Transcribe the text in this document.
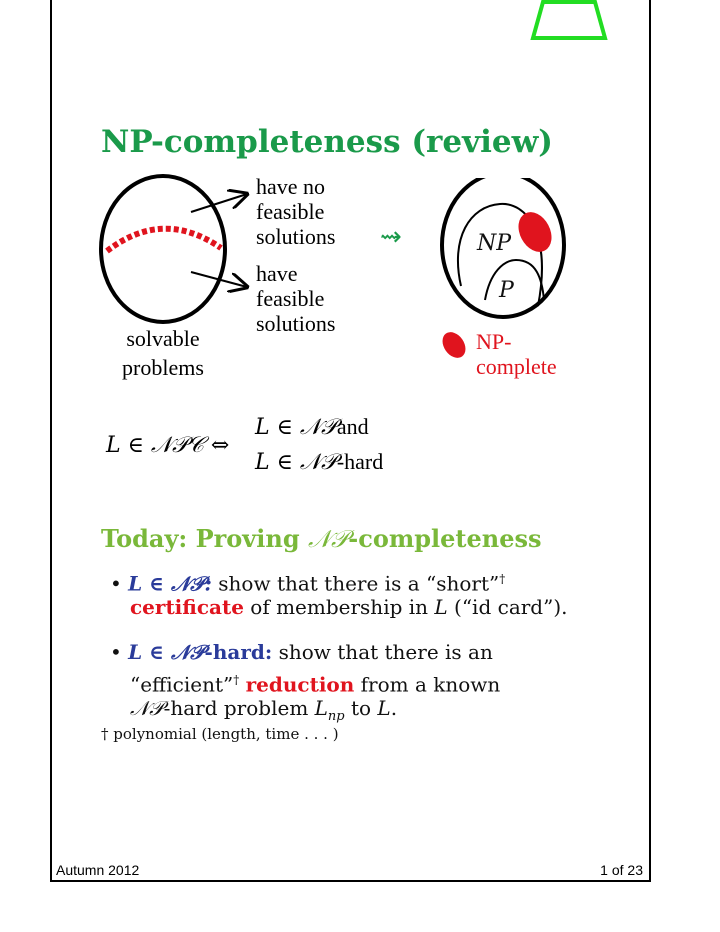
NP-completeness (review)
have no
feasible
solutions
have
feasible
solutions
solvable
problems
⇝	NP
P
NP-
complete
L ∈ 𝒩𝒫𝒞 ⇔
L ∈ 𝒩𝒫and
L ∈ 𝒩𝒫-hard
Today: Proving 𝒩𝒫-completeness
• L ∈ 𝒩𝒫: show that there is a “short”†
certificate of membership in L (“id card”).
• L ∈ 𝒩𝒫-hard: show that there is an
“efficient”† reduction from a known
𝒩𝒫-hard problem $L_{np}$ to L.
† polynomial (length, time . . . )
Autumn 2012	1 of 23
